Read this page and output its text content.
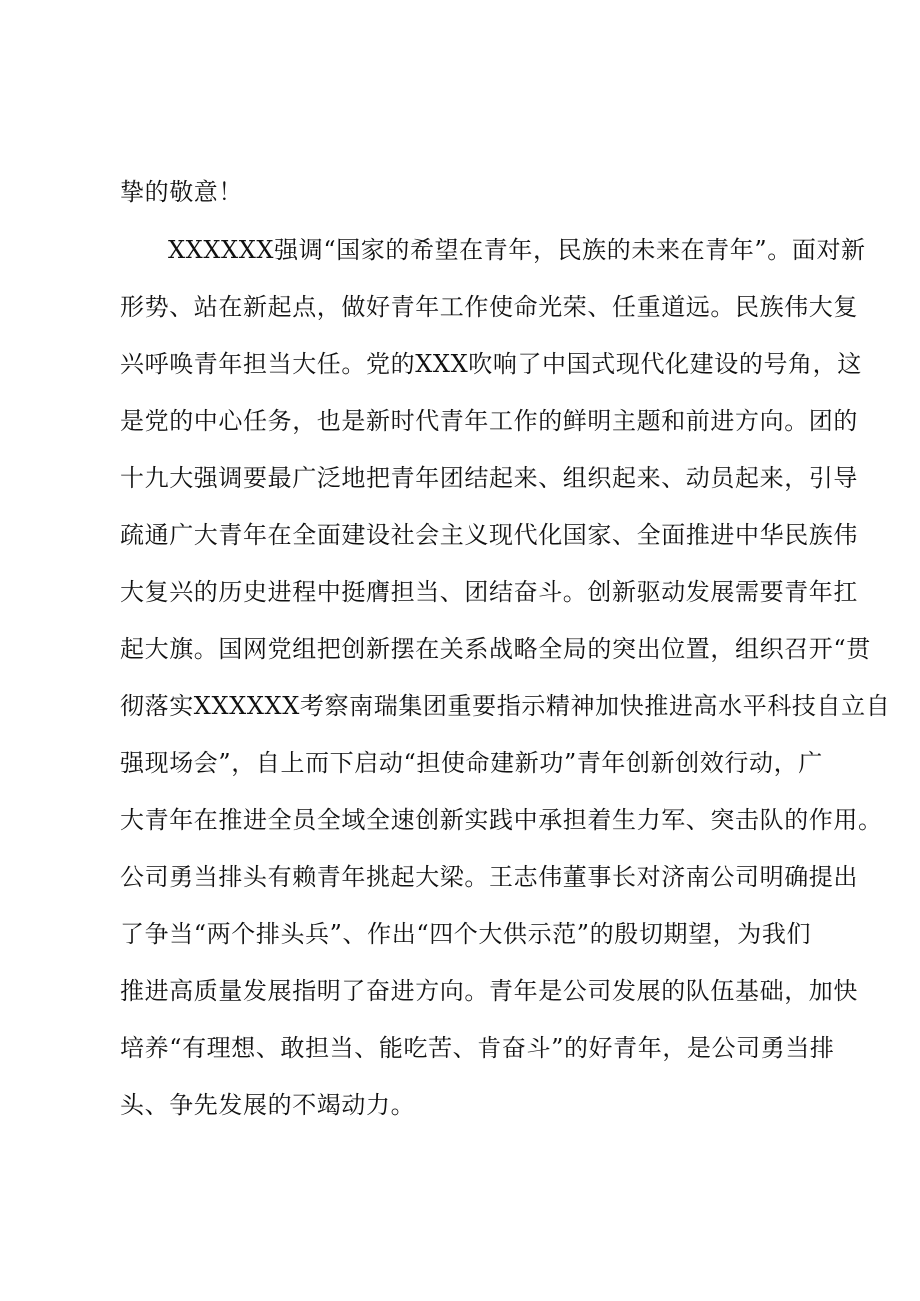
挚的敬意！
XXXXXX强调“国家的希望在青年，民族的未来在青年”。面对新
形势、站在新起点，做好青年工作使命光荣、任重道远。民族伟大复
兴呼唤青年担当大任。党的XXX吹响了中国式现代化建设的号角，这
是党的中心任务，也是新时代青年工作的鲜明主题和前进方向。团的
十九大强调要最广泛地把青年团结起来、组织起来、动员起来，引导
疏通广大青年在全面建设社会主义现代化国家、全面推进中华民族伟
大复兴的历史进程中挺膺担当、团结奋斗。创新驱动发展需要青年扛
起大旗。国网党组把创新摆在关系战略全局的突出位置，组织召开“贯
彻落实XXXXXX考察南瑞集团重要指示精神加快推进高水平科技自立自
强现场会”，自上而下启动“担使命建新功”青年创新创效行动，广
大青年在推进全员全域全速创新实践中承担着生力军、突击队的作用。
公司勇当排头有赖青年挑起大梁。王志伟董事长对济南公司明确提出
了争当“两个排头兵”、作出“四个大供示范”的殷切期望，为我们
推进高质量发展指明了奋进方向。青年是公司发展的队伍基础，加快
培养“有理想、敢担当、能吃苦、肯奋斗”的好青年，是公司勇当排
头、争先发展的不竭动力。
